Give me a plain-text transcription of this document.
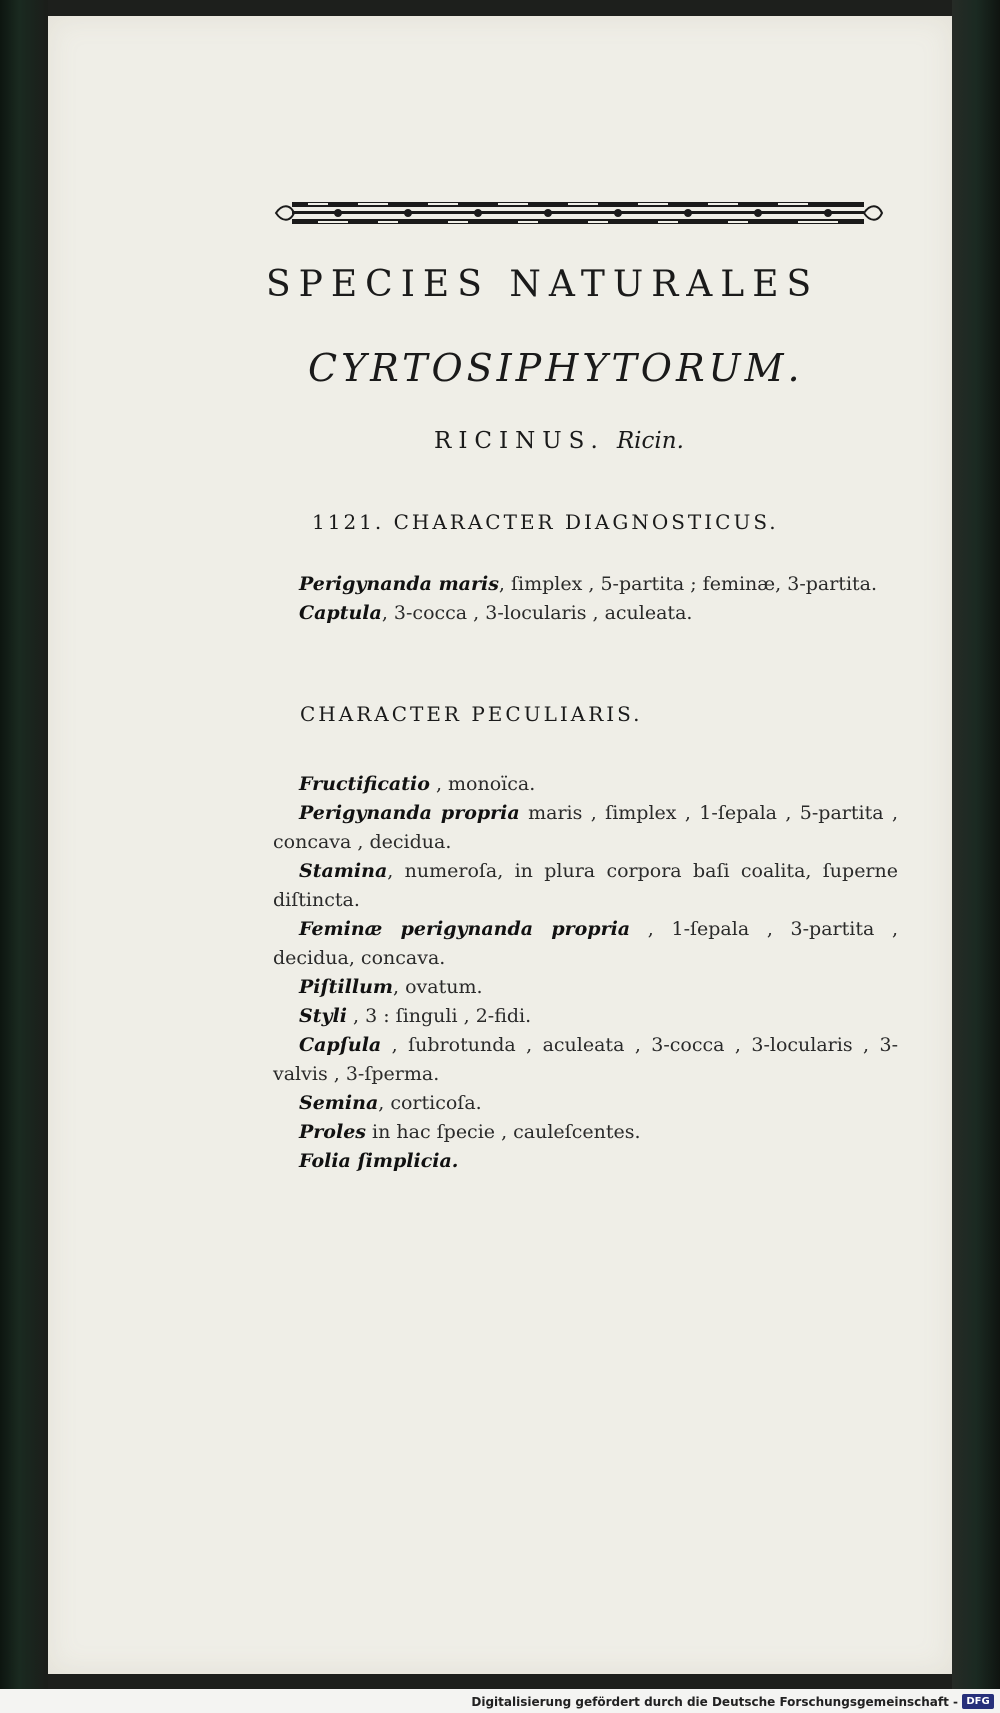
SPECIES NATURALES
CYRTOSIPHYTORUM.
RICINUS. Ricin.
1121. CHARACTER DIAGNOSTICUS.

Perigynanda maris, ſimplex , 5-partita ; feminæ, 3-partita.

Captula, 3-cocca , 3-locularis , aculeata.

CHARACTER PECULIARIS.

Fructificatio , monoïca.

Perigynanda propria maris , ſimplex , 1-ſepala , 5-partita , concava , decidua.

Stamina, numeroſa, in plura corpora baſi coalita, ſuperne diſtincta.

Feminæ perigynanda propria , 1-ſepala , 3-partita , decidua, concava.

Piſtillum, ovatum.

Styli , 3 : ſinguli , 2-fidi.

Capſula , ſubrotunda , aculeata , 3-cocca , 3-locularis , 3-valvis , 3-ſperma.

Semina, corticoſa.

Proles in hac ſpecie , cauleſcentes.

Folia ſimplicia.

Digitalisierung gefördert durch die Deutsche Forschungsgemeinschaft - DFG
